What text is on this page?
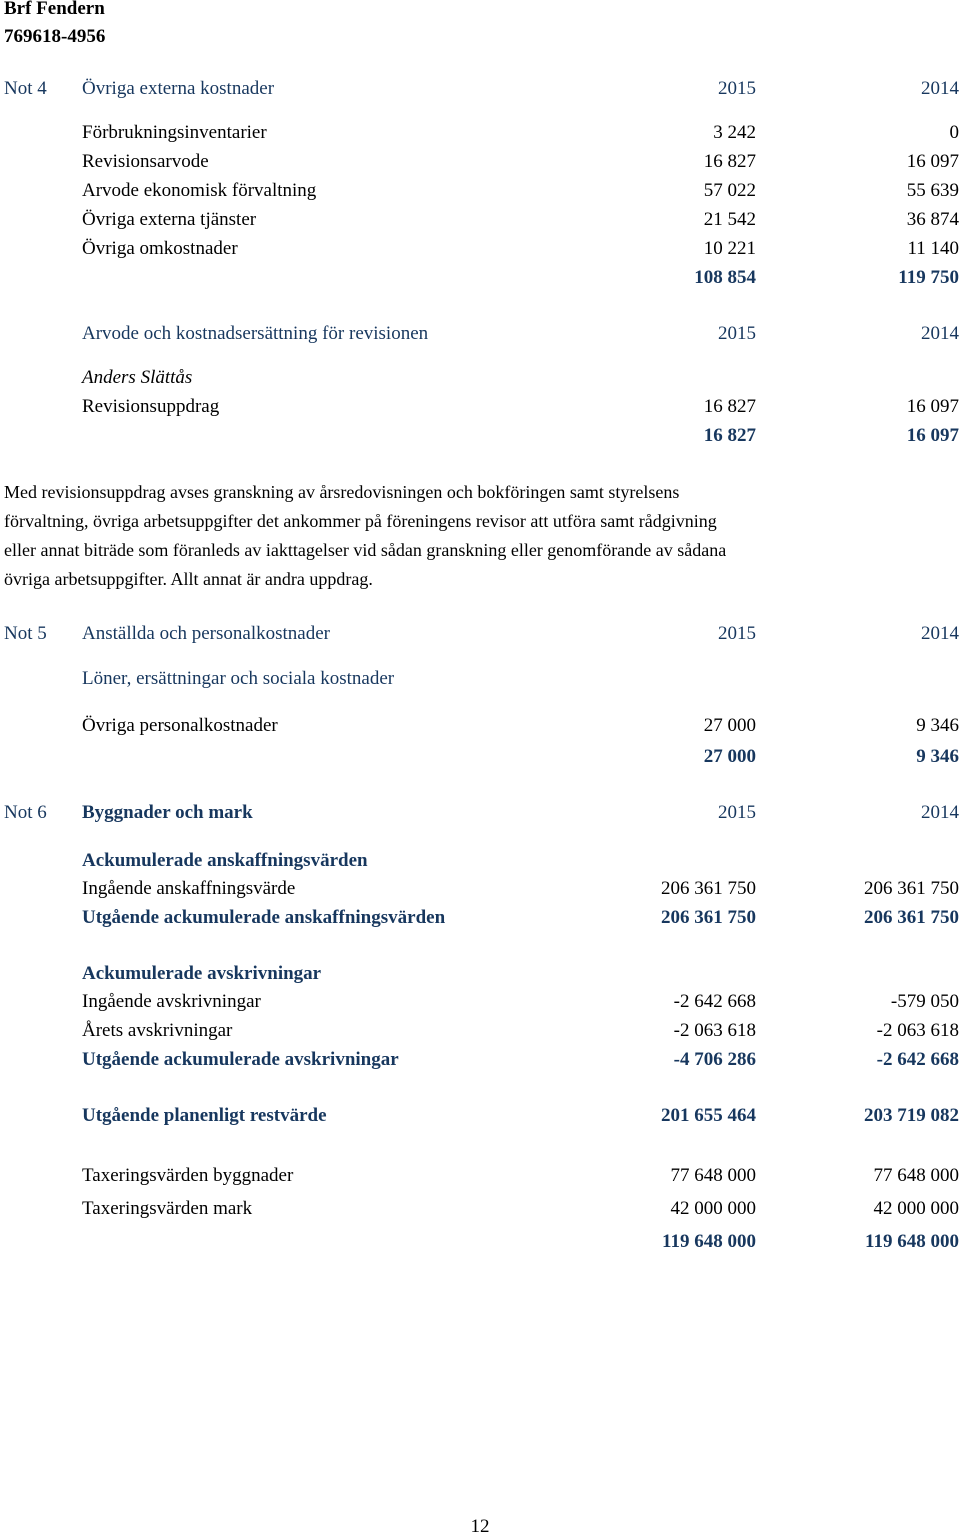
Brf Fendern
769618-4956
Not 4 Övriga externa kostnader	2015	2014
Förbrukningsinventarier	3 242	0
Revisionsarvode	16 827	16 097
Arvode ekonomisk förvaltning	57 022	55 639
Övriga externa tjänster	21 542	36 874
Övriga omkostnader	10 221	11 140
108 854	119 750
Arvode och kostnadsersättning för revisionen	2015	2014
Anders Slättås
Revisionsuppdrag	16 827	16 097
16 827	16 097
Med revisionsuppdrag avses granskning av årsredovisningen och bokföringen samt styrelsens
förvaltning, övriga arbetsuppgifter det ankommer på föreningens revisor att utföra samt rådgivning
eller annat biträde som föranleds av iakttagelser vid sådan granskning eller genomförande av sådana
övriga arbetsuppgifter. Allt annat är andra uppdrag.
Not 5 Anställda och personalkostnader	2015	2014
Löner, ersättningar och sociala kostnader
Övriga personalkostnader	27 000	9 346
27 000	9 346
Not 6 Byggnader och mark	2015	2014
Ackumulerade anskaffningsvärden
Ingående anskaffningsvärde	206 361 750	206 361 750
Utgående ackumulerade anskaffningsvärden	206 361 750	206 361 750
Ackumulerade avskrivningar
Ingående avskrivningar	-2 642 668	-579 050
Årets avskrivningar	-2 063 618	-2 063 618
Utgående ackumulerade avskrivningar	-4 706 286	-2 642 668
Utgående planenligt restvärde	201 655 464	203 719 082
Taxeringsvärden byggnader	77 648 000	77 648 000
Taxeringsvärden mark	42 000 000	42 000 000
119 648 000	119 648 000
12
